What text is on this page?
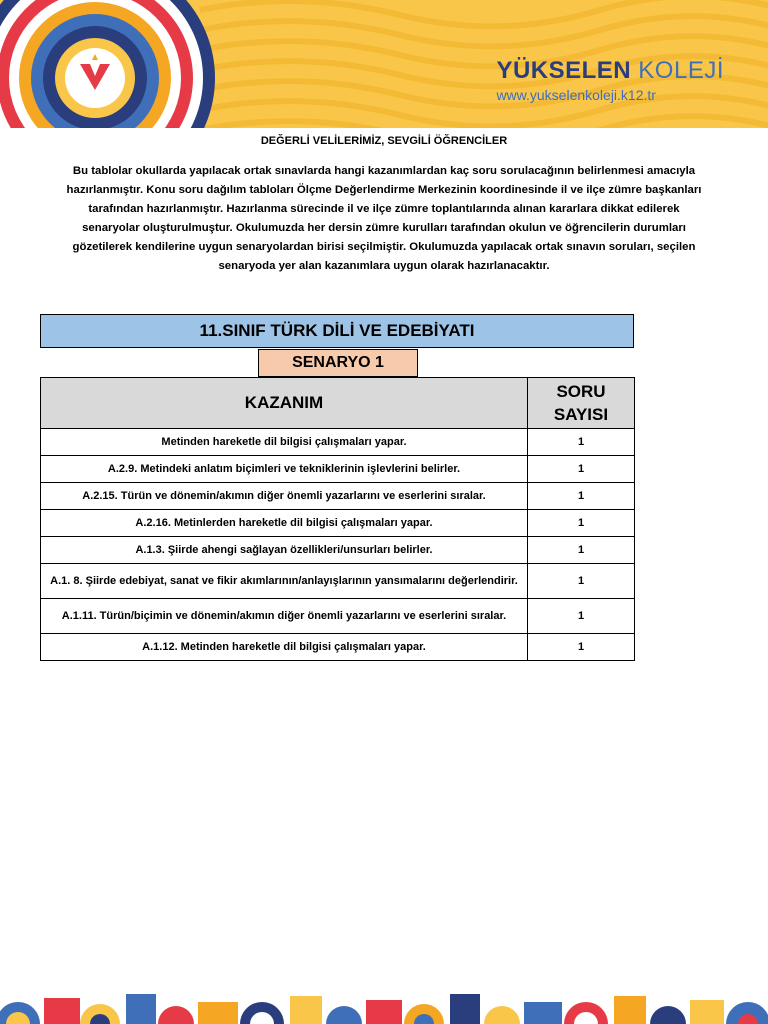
YÜKSELEN KOLEJİ
www.yukselenkoleji.k12.tr
DEĞERLİ VELİLERİMİZ, SEVGİLİ ÖĞRENCİLER
Bu tablolar okullarda yapılacak ortak sınavlarda hangi kazanımlardan kaç soru sorulacağının belirlenmesi amacıyla hazırlanmıştır. Konu soru dağılım tabloları Ölçme Değerlendirme Merkezinin koordinesinde il ve ilçe zümre başkanları tarafından hazırlanmıştır. Hazırlanma sürecinde il ve ilçe zümre toplantılarında alınan kararlara dikkat edilerek senaryolar oluşturulmuştur. Okulumuzda her dersin zümre kurulları tarafından okulun ve öğrencilerin durumları gözetilerek kendilerine uygun senaryolardan birisi seçilmiştir. Okulumuzda yapılacak ortak sınavın soruları, seçilen senaryoda yer alan kazanımlara uygun olarak hazırlanacaktır.
11.SINIF TÜRK DİLİ VE EDEBİYATI
SENARYO 1
KAZANIM	SORU
SAYISI
Metinden hareketle dil bilgisi çalışmaları yapar.	1
A.2.9. Metindeki anlatım biçimleri ve tekniklerinin işlevlerini belirler.	1
A.2.15. Türün ve dönemin/akımın diğer önemli yazarlarını ve eserlerini sıralar.	1
A.2.16. Metinlerden hareketle dil bilgisi çalışmaları yapar.	1
A.1.3. Şiirde ahengi sağlayan özellikleri/unsurları belirler.	1
A.1. 8. Şiirde edebiyat, sanat ve fikir akımlarının/anlayışlarının yansımalarını değerlendirir.	1
A.1.11. Türün/biçimin ve dönemin/akımın diğer önemli yazarlarını ve eserlerini sıralar.	1
A.1.12. Metinden hareketle dil bilgisi çalışmaları yapar.	1
